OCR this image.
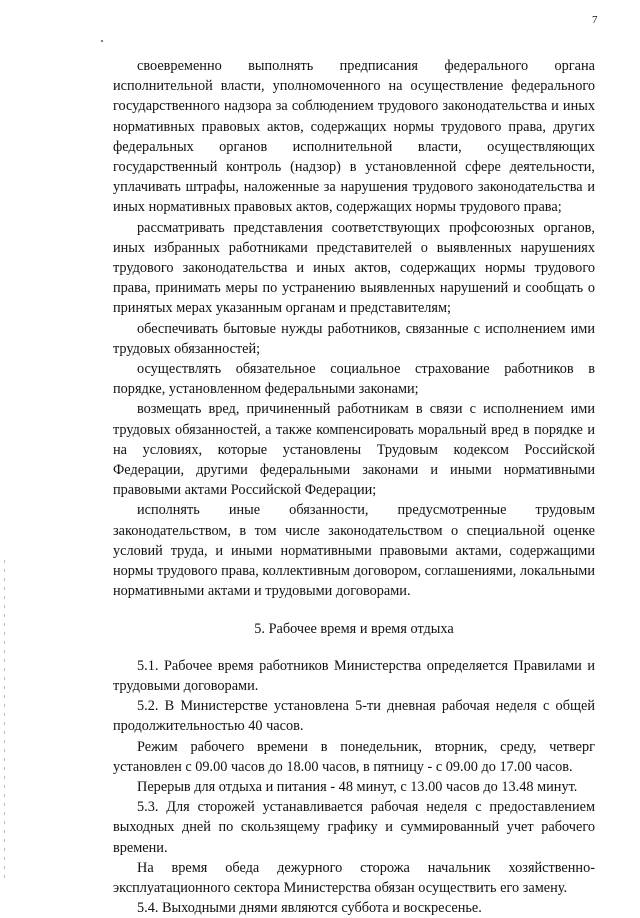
7

своевременно выполнять предписания федерального органа исполнительной власти, уполномоченного на осуществление федерального государственного надзора за соблюдением трудового законодательства и иных нормативных правовых актов, содержащих нормы трудового права, других федеральных органов исполнительной власти, осуществляющих государственный контроль (надзор) в установленной сфере деятельности, уплачивать штрафы, наложенные за нарушения трудового законодательства и иных нормативных правовых актов, содержащих нормы трудового права;

рассматривать представления соответствующих профсоюзных органов, иных избранных работниками представителей о выявленных нарушениях трудового законодательства и иных актов, содержащих нормы трудового права, принимать меры по устранению выявленных нарушений и сообщать о принятых мерах указанным органам и представителям;

обеспечивать бытовые нужды работников, связанные с исполнением ими трудовых обязанностей;

осуществлять обязательное социальное страхование работников в порядке, установленном федеральными законами;

возмещать вред, причиненный работникам в связи с исполнением ими трудовых обязанностей, а также компенсировать моральный вред в порядке и на условиях, которые установлены Трудовым кодексом Российской Федерации, другими федеральными законами и иными нормативными правовыми актами Российской Федерации;

исполнять иные обязанности, предусмотренные трудовым законодательством, в том числе законодательством о специальной оценке условий труда, и иными нормативными правовыми актами, содержащими нормы трудового права, коллективным договором, соглашениями, локальными нормативными актами и трудовыми договорами.

5. Рабочее время и время отдыха

5.1. Рабочее время работников Министерства определяется Правилами и трудовыми договорами.

5.2. В Министерстве установлена 5-ти дневная рабочая неделя с общей продолжительностью 40 часов.

Режим рабочего времени в понедельник, вторник, среду, четверг установлен с 09.00 часов до 18.00 часов, в пятницу - с 09.00 до 17.00 часов.

Перерыв для отдыха и питания - 48 минут, с 13.00 часов до 13.48 минут.

5.3. Для сторожей устанавливается рабочая неделя с предоставлением выходных дней по скользящему графику и суммированный учет рабочего времени.

На время обеда дежурного сторожа начальник хозяйственно-эксплуатационного сектора Министерства обязан осуществить его замену.

5.4. Выходными днями являются суббота и воскресенье.
